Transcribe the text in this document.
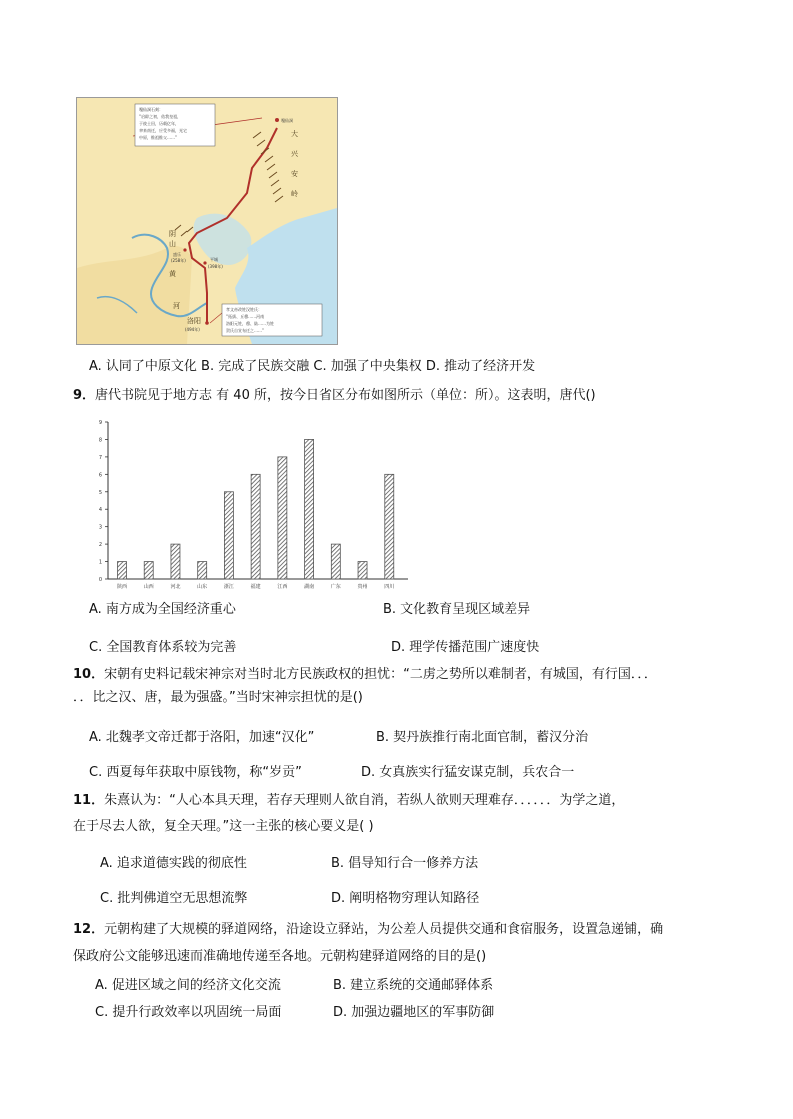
嘎仙洞石刻：
“启辟之初，佑我皇祖，
于彼土田，历载亿年，
聿来南迁，应受多福，光宅
中原，惟祖惟父……”
嘎仙洞
大
兴
安
岭
阴
山
盛乐
(258年)	平城
(398年)
黄
河
洛阳
(494年)
孝文帝改姓汉姓氏：
“拓拔、丘穆……河南
洛阳元姓，穆、陆……为姓
贺氏自宣布迁之……”
A. 认同了中原文化 B. 完成了民族交融 C. 加强了中央集权 D. 推动了经济开发
9．唐代书院见于地方志 有 40 所，按今日省区分布如图所示（单位：所）。这表明，唐代()
0
1
2
3
4
5
6
7
8
9
陕西	山西	河北	山东	浙江	福建	江西	湖南	广东	贵州	四川
A. 南方成为全国经济重心	B. 文化教育呈现区域差异
C. 全国教育体系较为完善	D. 理学传播范围广速度快
10．宋朝有史料记载宋神宗对当时北方民族政权的担忧：“二虏之势所以难制者，有城国，有行国．．．
．．比之汉、唐，最为强盛。”当时宋神宗担忧的是()
A. 北魏孝文帝迁都于洛阳，加速“汉化”	B. 契丹族推行南北面官制，蓄汉分治
C. 西夏每年获取中原钱物，称“岁贡”	D. 女真族实行猛安谋克制，兵农合一
11．朱熹认为：“人心本具天理，若存天理则人欲自消，若纵人欲则天理难存．．．．．．为学之道，
在于尽去人欲，复全天理。”这一主张的核心要义是( )
A. 追求道德实践的彻底性	B. 倡导知行合一修养方法
C. 批判佛道空无思想流弊	D. 阐明格物穷理认知路径
12．元朝构建了大规模的驿道网络，沿途设立驿站，为公差人员提供交通和食宿服务，设置急递铺，确
保政府公文能够迅速而准确地传递至各地。元朝构建驿道网络的目的是()
A. 促进区域之间的经济文化交流	B. 建立系统的交通邮驿体系
C. 提升行政效率以巩固统一局面	D. 加强边疆地区的军事防御
